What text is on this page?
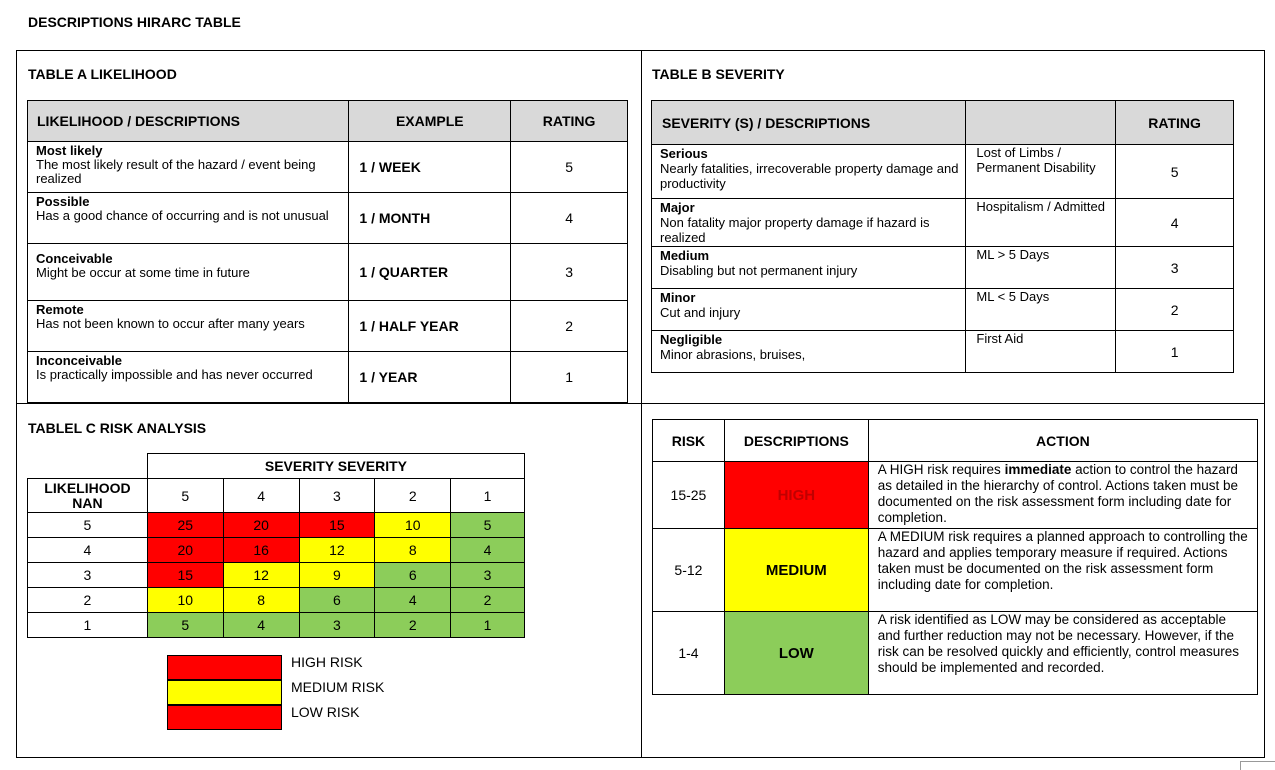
DESCRIPTIONS HIRARC TABLE
TABLE A LIKELIHOOD
LIKELIHOOD / DESCRIPTIONS	EXAMPLE	RATING

Most likely
The most likely result of the hazard / event being realized	1 / WEEK	5

Possible
Has a good chance of occurring and is not unusual	1 / MONTH	4

Conceivable
Might be occur at some time in future	1 / QUARTER	3

Remote
Has not been known to occur after many years	1 / HALF YEAR	2

Inconceivable
Is practically impossible and has never occurred	1 / YEAR	1
TABLE B SEVERITY
SEVERITY (S) / DESCRIPTIONS		RATING

Serious
Nearly fatalities, irrecoverable property damage and productivity	Lost of Limbs / Permanent Disability	5

Major
Non fatality major property damage if hazard is realized	Hospitalism / Admitted	4

Medium
Disabling but not permanent injury	ML > 5 Days	3

Minor
Cut and injury	ML < 5 Days	2

Negligible
Minor abrasions, bruises,	First Aid	1
TABLEL C RISK ANALYSIS
	SEVERITY SEVERITY				
LIKELIHOOD NAN	5	4	3	2	1
5	25	20	15	10	5
4	20	16	12	8	4
3	15	12	9	6	3
2	10	8	6	4	2
1	5	4	3	2	1
HIGH RISK
MEDIUM RISK
LOW RISK
RISK	DESCRIPTIONS	ACTION
15-25	HIGH	A HIGH risk requires immediate action to control the hazard as detailed in the hierarchy of control. Actions taken must be documented on the risk assessment form including date for completion.
5-12	MEDIUM	A MEDIUM risk requires a planned approach to controlling the hazard and applies temporary measure if required. Actions taken must be documented on the risk assessment form including date for completion.
1-4	LOW	A risk identified as LOW may be considered as acceptable and further reduction may not be necessary. However, if the risk can be resolved quickly and efficiently, control measures should be implemented and recorded.
